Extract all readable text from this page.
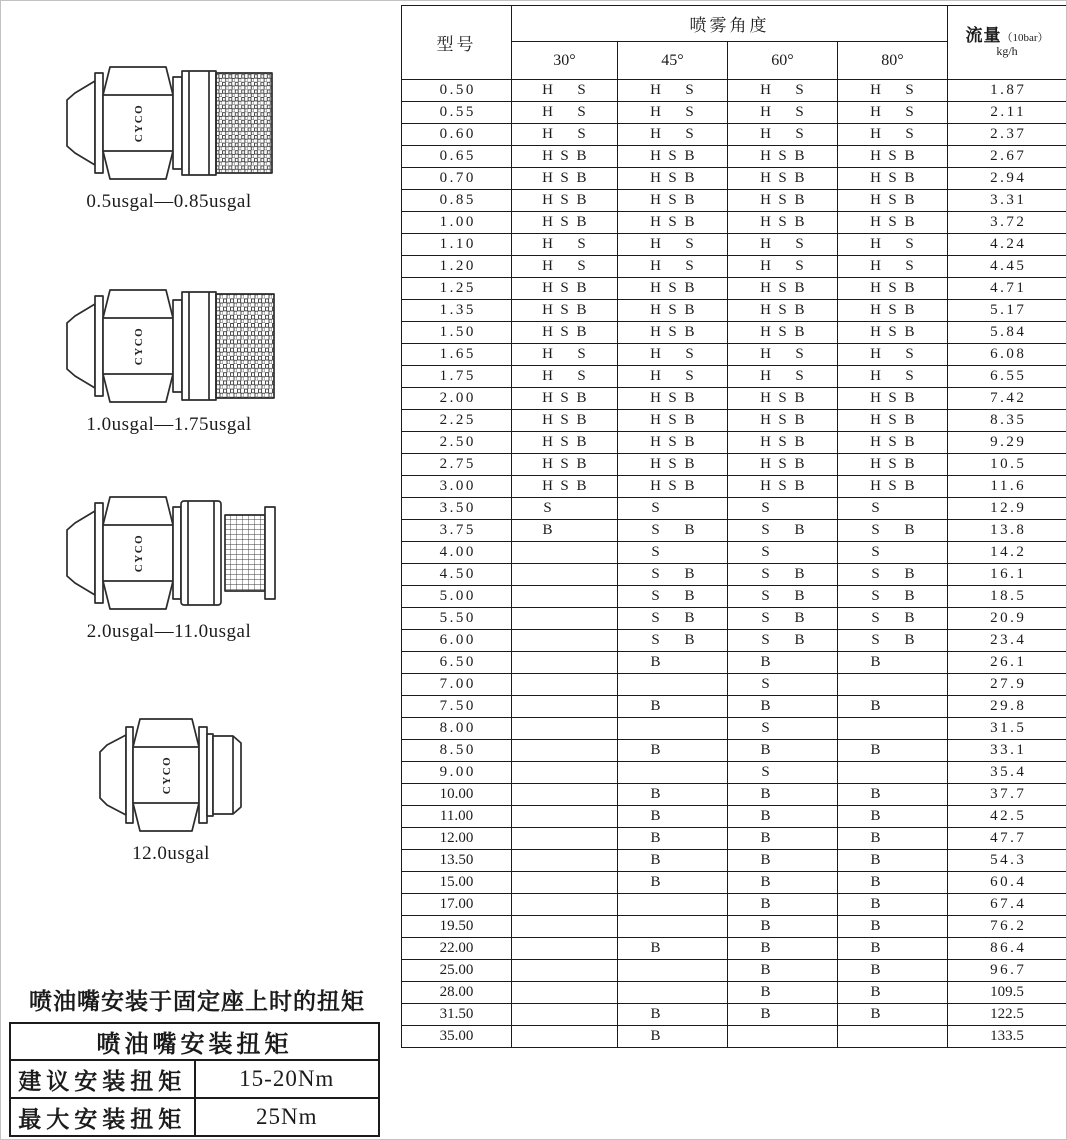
CYCO
0.5usgal—0.85usgal
CYCO
1.0usgal—1.75usgal
CYCO
2.0usgal—11.0usgal
CYCO
12.0usgal
喷油嘴安装于固定座上时的扭矩
喷油嘴安装扭矩	
建议安装扭矩	15-20Nm
最大安装扭矩	25Nm
型号	喷雾角度				流量（10bar）
kg/h

	30°	45°	60°	80°	
0.50	H S	H S	H S	H S	1.87
0.55	H S	H S	H S	H S	2.11
0.60	H S	H S	H S	H S	2.37
0.65	H S B	H S B	H S B	H S B	2.67
0.70	H S B	H S B	H S B	H S B	2.94
0.85	H S B	H S B	H S B	H S B	3.31
1.00	H S B	H S B	H S B	H S B	3.72
1.10	H S	H S	H S	H S	4.24
1.20	H S	H S	H S	H S	4.45
1.25	H S B	H S B	H S B	H S B	4.71
1.35	H S B	H S B	H S B	H S B	5.17
1.50	H S B	H S B	H S B	H S B	5.84
1.65	H S	H S	H S	H S	6.08
1.75	H S	H S	H S	H S	6.55
2.00	H S B	H S B	H S B	H S B	7.42
2.25	H S B	H S B	H S B	H S B	8.35
2.50	H S B	H S B	H S B	H S B	9.29
2.75	H S B	H S B	H S B	H S B	10.5
3.00	H S B	H S B	H S B	H S B	11.6
3.50	S	S	S	S	12.9
3.75	B	S B	S B	S B	13.8
4.00		S	S	S	14.2
4.50		S B	S B	S B	16.1
5.00		S B	S B	S B	18.5
5.50		S B	S B	S B	20.9
6.00		S B	S B	S B	23.4
6.50		B	B	B	26.1
7.00			S		27.9
7.50		B	B	B	29.8
8.00			S		31.5
8.50		B	B	B	33.1
9.00			S		35.4
10.00		B	B	B	37.7
11.00		B	B	B	42.5
12.00		B	B	B	47.7
13.50		B	B	B	54.3
15.00		B	B	B	60.4
17.00			B	B	67.4
19.50			B	B	76.2
22.00		B	B	B	86.4
25.00			B	B	96.7
28.00			B	B	109.5
31.50		B	B	B	122.5
35.00		B			133.5
